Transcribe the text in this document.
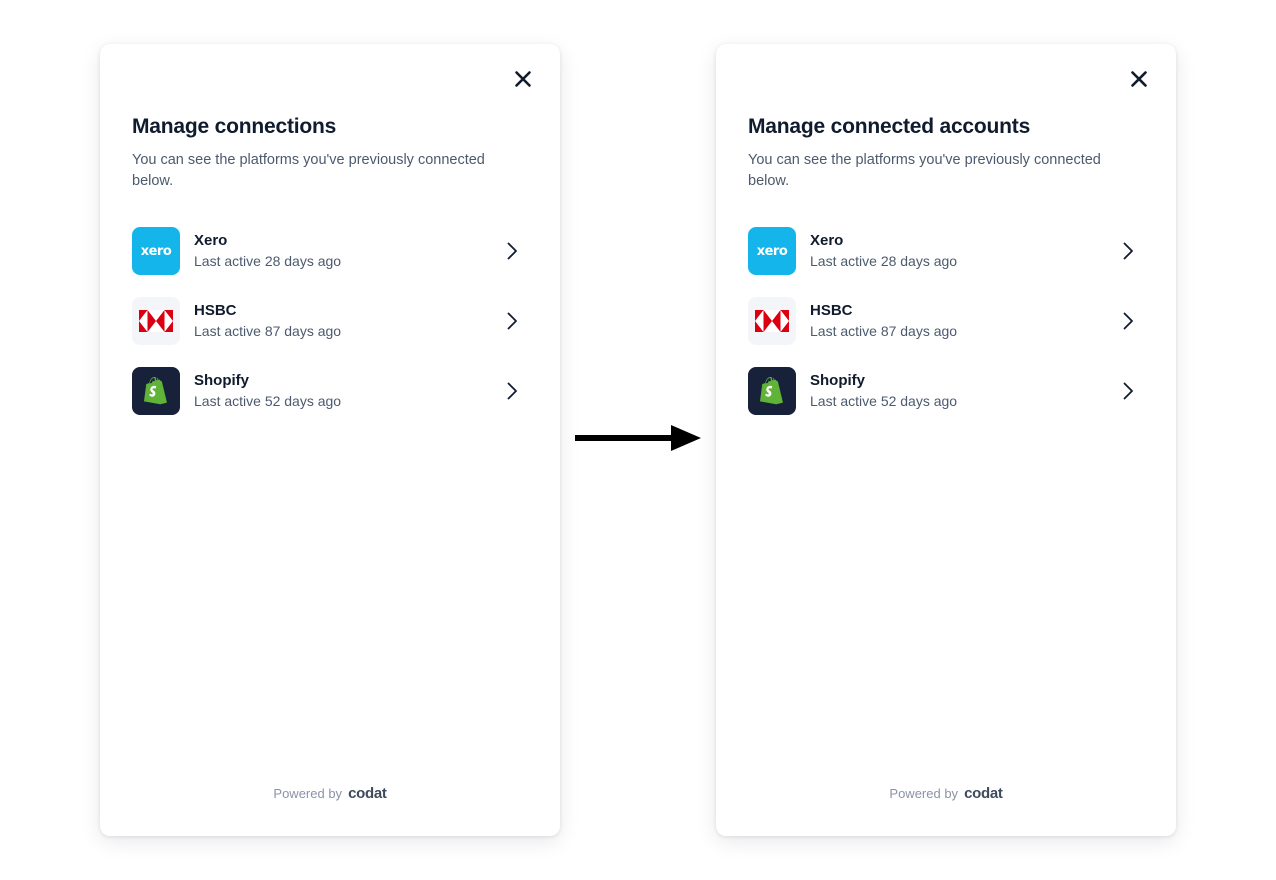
Manage connections

You can see the platforms you've previously connected below.

xero
Xero
Last active 28 days ago
HSBC
Last active 87 days ago
Shopify
Last active 52 days ago
Powered by codat
Manage connected accounts

You can see the platforms you've previously connected below.

xero
Xero
Last active 28 days ago
HSBC
Last active 87 days ago
Shopify
Last active 52 days ago
Powered by codat
